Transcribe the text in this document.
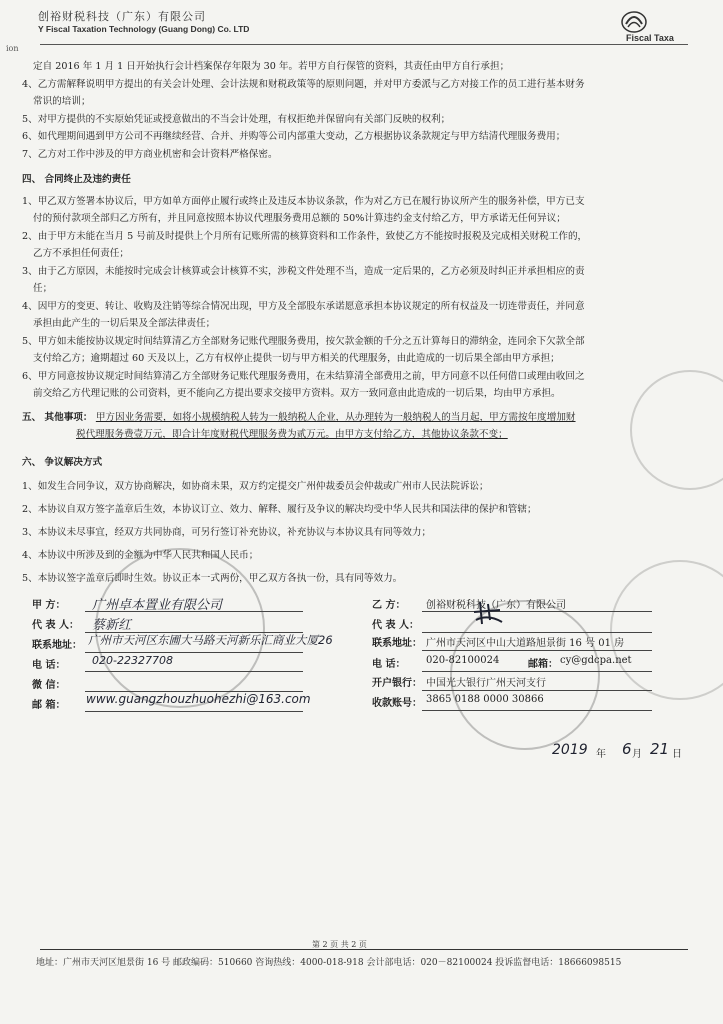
创裕财税科技（广东）有限公司
Y Fiscal Taxation Technology (Guang Dong) Co. LTD
ion
Fiscal Taxa
定自 2016 年 1 月 1 日开始执行会计档案保存年限为 30 年。若甲方自行保管的资料，其责任由甲方自行承担；
4、乙方需解释说明甲方提出的有关会计处理、会计法规和财税政策等的原则问题，并对甲方委派与乙方对接工作的员工进行基本财务
常识的培训；
5、对甲方提供的不实原始凭证或授意做出的不当会计处理，有权拒绝并保留向有关部门反映的权利；
6、如代理期间遇到甲方公司不再继续经营、合并、并购等公司内部重大变动，乙方根据协议条款规定与甲方结清代理服务费用；
7、乙方对工作中涉及的甲方商业机密和会计资料严格保密。
四、 合同终止及违约责任
1、甲乙双方签署本协议后，甲方如单方面停止履行或终止及违反本协议条款，作为对乙方已在履行协议所产生的服务补偿，甲方已支
付的预付款项全部归乙方所有，并且同意按照本协议代理服务费用总额的 50%计算违约金支付给乙方，甲方承诺无任何异议；
2、由于甲方未能在当月 5 号前及时提供上个月所有记账所需的核算资料和工作条件，致使乙方不能按时报税及完成相关财税工作的，
乙方不承担任何责任；
3、由于乙方原因，未能按时完成会计核算或会计核算不实，涉税文件处理不当，造成一定后果的，乙方必须及时纠正并承担相应的责
任；
4、因甲方的变更、转让、收购及注销等综合情况出现，甲方及全部股东承诺愿意承担本协议规定的所有权益及一切连带责任，并同意
承担由此产生的一切后果及全部法律责任；
5、甲方如未能按协议规定时间结算清乙方全部财务记账代理服务费用，按欠款金额的千分之五计算每日的滞纳金，连同余下欠款全部
支付给乙方；逾期超过 60 天及以上，乙方有权停止提供一切与甲方相关的代理服务，由此造成的一切后果全部由甲方承担；
6、甲方同意按协议规定时间结算清乙方全部财务记账代理服务费用，在未结算清全部费用之前，甲方同意不以任何借口或理由收回之
前交给乙方代理记账的公司资料，更不能向乙方提出要求交接甲方资料。双方一致同意由此造成的一切后果，均由甲方承担。
五、 其他事项： 甲方因业务需要，如将小规模纳税人转为一般纳税人企业，从办理转为一般纳税人的当月起，甲方需按年度增加财
税代理服务费壹万元，即合计年度财税代理服务费为贰万元。由甲方支付给乙方，其他协议条款不变；
六、 争议解决方式
1、如发生合同争议，双方协商解决，如协商未果，双方约定提交广州仲裁委员会仲裁或广州市人民法院诉讼；
2、本协议自双方签字盖章后生效，本协议订立、效力、解释、履行及争议的解决均受中华人民共和国法律的保护和管辖；
3、本协议未尽事宜，经双方共同协商，可另行签订补充协议，补充协议与本协议具有同等效力；
4、本协议中所涉及到的金额为中华人民共和国人民币；
5、本协议签字盖章后即时生效。协议正本一式两份，甲乙双方各执一份，具有同等效力。
甲 方： 广州卓本置业有限公司
代 表 人： 蔡新红
联系地址： 广州市天河区东圃大马路天河新乐汇商业大厦26
电 话： 020-22327708
微 信：
邮 箱： www.guangzhouzhuohezhi@163.com
乙 方： 创裕财税科技（广东）有限公司
代 表 人：
联系地址： 广州市天河区中山大道路旭景街 16 号 01 房
电 话： 020-82100024	邮箱： cy@gdcpa.net
开户银行： 中国光大银行广州天河支行
收款账号： 3865 0188 0000 30866
2019 年 6 月 21 日
第 2 页 共 2 页
地址：广州市天河区旭景街 16 号 邮政编码：510660 咨询热线：4000-018-918 会计部电话：020－82100024 投诉监督电话：18666098515
